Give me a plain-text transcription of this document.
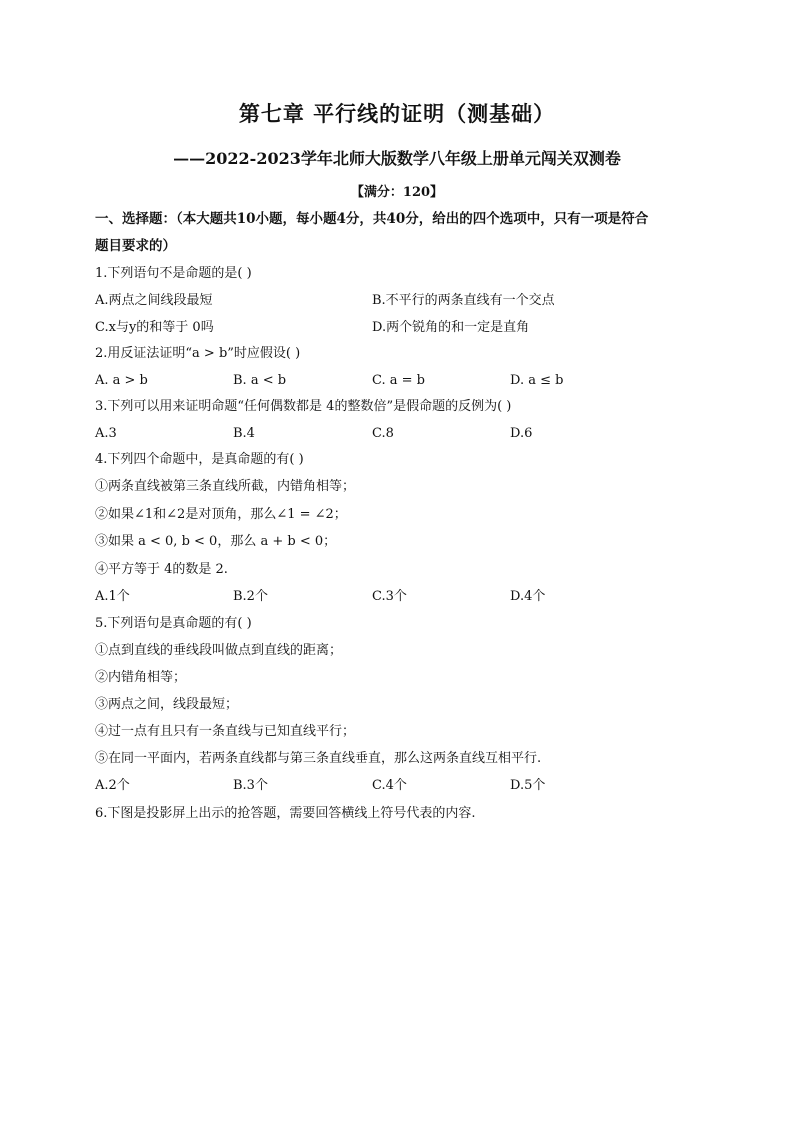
第七章 平行线的证明（测基础）
——2022-2023学年北师大版数学八年级上册单元闯关双测卷
【满分：120】
一、选择题：（本大题共10小题，每小题4分，共40分，给出的四个选项中，只有一项是符合
题目要求的）
1.下列语句不是命题的是( )
A.两点之间线段最短	B.不平行的两条直线有一个交点
C.x与y的和等于 0吗	D.两个锐角的和一定是直角
2.用反证法证明“a > b”时应假设( )
A. a > b	B. a < b	C. a = b	D. a ≤ b
3.下列可以用来证明命题“任何偶数都是 4的整数倍”是假命题的反例为( )
A.3	B.4	C.8	D.6
4.下列四个命题中，是真命题的有( )
①两条直线被第三条直线所截，内错角相等；
②如果∠1和∠2是对顶角，那么∠1 = ∠2；
③如果 a < 0, b < 0，那么 a + b < 0；
④平方等于 4的数是 2.
A.1个	B.2个	C.3个	D.4个
5.下列语句是真命题的有( )
①点到直线的垂线段叫做点到直线的距离；
②内错角相等；
③两点之间，线段最短；
④过一点有且只有一条直线与已知直线平行；
⑤在同一平面内，若两条直线都与第三条直线垂直，那么这两条直线互相平行.
A.2个	B.3个	C.4个	D.5个
6.下图是投影屏上出示的抢答题，需要回答横线上符号代表的内容.
